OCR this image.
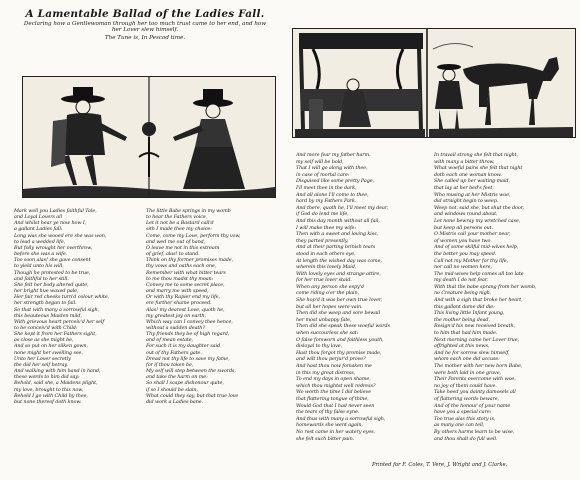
A Lamentable Ballad of the Ladies Fall.
Declaring how a Gentlewoman through her too much trust came to her end, and how her Lover slew himself.
The Tune is, In Pescod time.
Mark well you Ladies faithful Tale,
and Loyal Lovers all
And whilst hear ye now how I,
a gallant Ladies fall:
Long was she wooed ere she was won,
to lead a wedded life,
But folly wrought her overthrow,
before she was a wife.
Too soon alas! she gave consent
to yield unto his will,
Though he protested to be true,
and faithful to her still.
She felt her body altered quite,
her bright hue waxed pale,
Her fair red cheeks turn'd colour white,
her strength began to fail.
So that with many a sorrowful sigh,
this beauteous Maiden mild,
With grievous heart perceiv'd her self
to be conceiv'd with Child:
She kept it from her Fathers sight,
as close as she might be,
And so put on her silken gown,
none might her swelling see.
Unto her Lover secretly
the did her self betray,
And walking with him hand in hand,
these words to him did say:
Behold, said she, a Maidens plight,
my love, brought to this now,
Behold I go with Child by thee,
but none thereof doth know.
The little Babe springs in my womb
to hear the Fathers voice,
Let it not be a Bastard call'd
sith I made thee my choice:
Come, come my Love, perform thy vow,
and wed me out of hand,
O leave me not in this extream
of grief, alas! to stand.
Think on thy former promises made,
thy vows and oaths each one,
Remember with what bitter tears
to me thou madst thy moan:
Convey me to some secret place,
and marry me with speed,
Or with thy Rapier end my life,
ere further shame proceed.
Alas! my dearest Love, quoth he,
my greatest joy on earth,
Which way can I convey thee hence,
without a sudden death?
Thy friends they be of high regard,
and of mean estate,
For such it is my daughter said
out of thy Fathers gate.
Dread not thy life to save my fame,
for if thou taken be,
My self will step between the swords,
and take the harm on me:
So shall I scape dishonour quite,
if so I should be slain,
What could they say, but that true love
did work a Ladies bane.
And more fear my father harm,
my self will be bold,
That I will go along with thee,
in case of mortal care:
Disguised like some pretty Page,
I'll meet thee in the dark,
And all alone I'll come to thee,
hard by my Fathers Park.
And there, quoth he, I'll meet my dear,
if God do lend me life,
And this day month without all fail,
I will make thee my wife:
Then with a sweet and loving kiss,
they parted presently,
And at their parting brinish tears
stood in each others eye.
At length the wished day was come,
wherein this lovely Maid,
With lovely eyes and strange attire,
for her true lover staid.
When any person she espy'd
come riding o'er the plain,
She hop'd it was her own true lover,
but all her hopes were vain.
Then did she weep and sore bewail
her most unhappy fate,
Then did she speak these woeful words
when succourless she sat:
O false forsworn and faithless youth,
disloyal to thy love,
Hast thou forgot thy promise made,
and wilt thou perjur'd prove?
And hast thou now forsaken me
in this my great distress,
To end my days in open shame,
which thou mightst well redress?
Wo worth the time I did believe
that flattering tongue of thine,
Would God that I had never seen
the tears of thy false eyne.
And thus with many a sorrowful sigh,
homewards she went again,
No rest came in her watery eyes,
she felt such bitter pain.
In travail strong she felt that night,
with many a bitter throw,
What woeful pains she felt that night
doth each one woman know.
She called up her waiting-maid,
that lay at her bed's feet,
Who musing at her Mistris woe,
did straight begin to weep.
Weep not, said she, but shut the door,
and windows round about,
Let none bewray my wretched case,
but keep all persons out.
O Mistris call your mother near,
of women you have two,
And of some skilful mid-wives help,
the better you may speed.
Call not my Mother for thy life,
nor call no women here,
The mid-wives help comes all too late
my death I do not fear.
With that the babe sprang from her womb,
no Creature being nigh,
And with a sigh that broke her heart,
this gallant dame did die:
This living little Infant young,
the mother being dead,
Resign'd his new received breath,
to him that had him made.
Next morning came her Lover true,
affrighted at this news,
And he for sorrow slew himself,
whom each one did accuse:
The mother with her new born Babe,
were both laid in one grave,
Their Parents overcome with woe,
no joy of them could have.
Take heed you dainty damosels all
of flattering words beware,
And of the honour of your name
have you a special care:
Too true alas this story is,
as many one can tell,
By others harms learn to be wise,
and thou shalt do full well.
Printed for F. Coles, T. Vere, J. Wright and J. Clarke.
